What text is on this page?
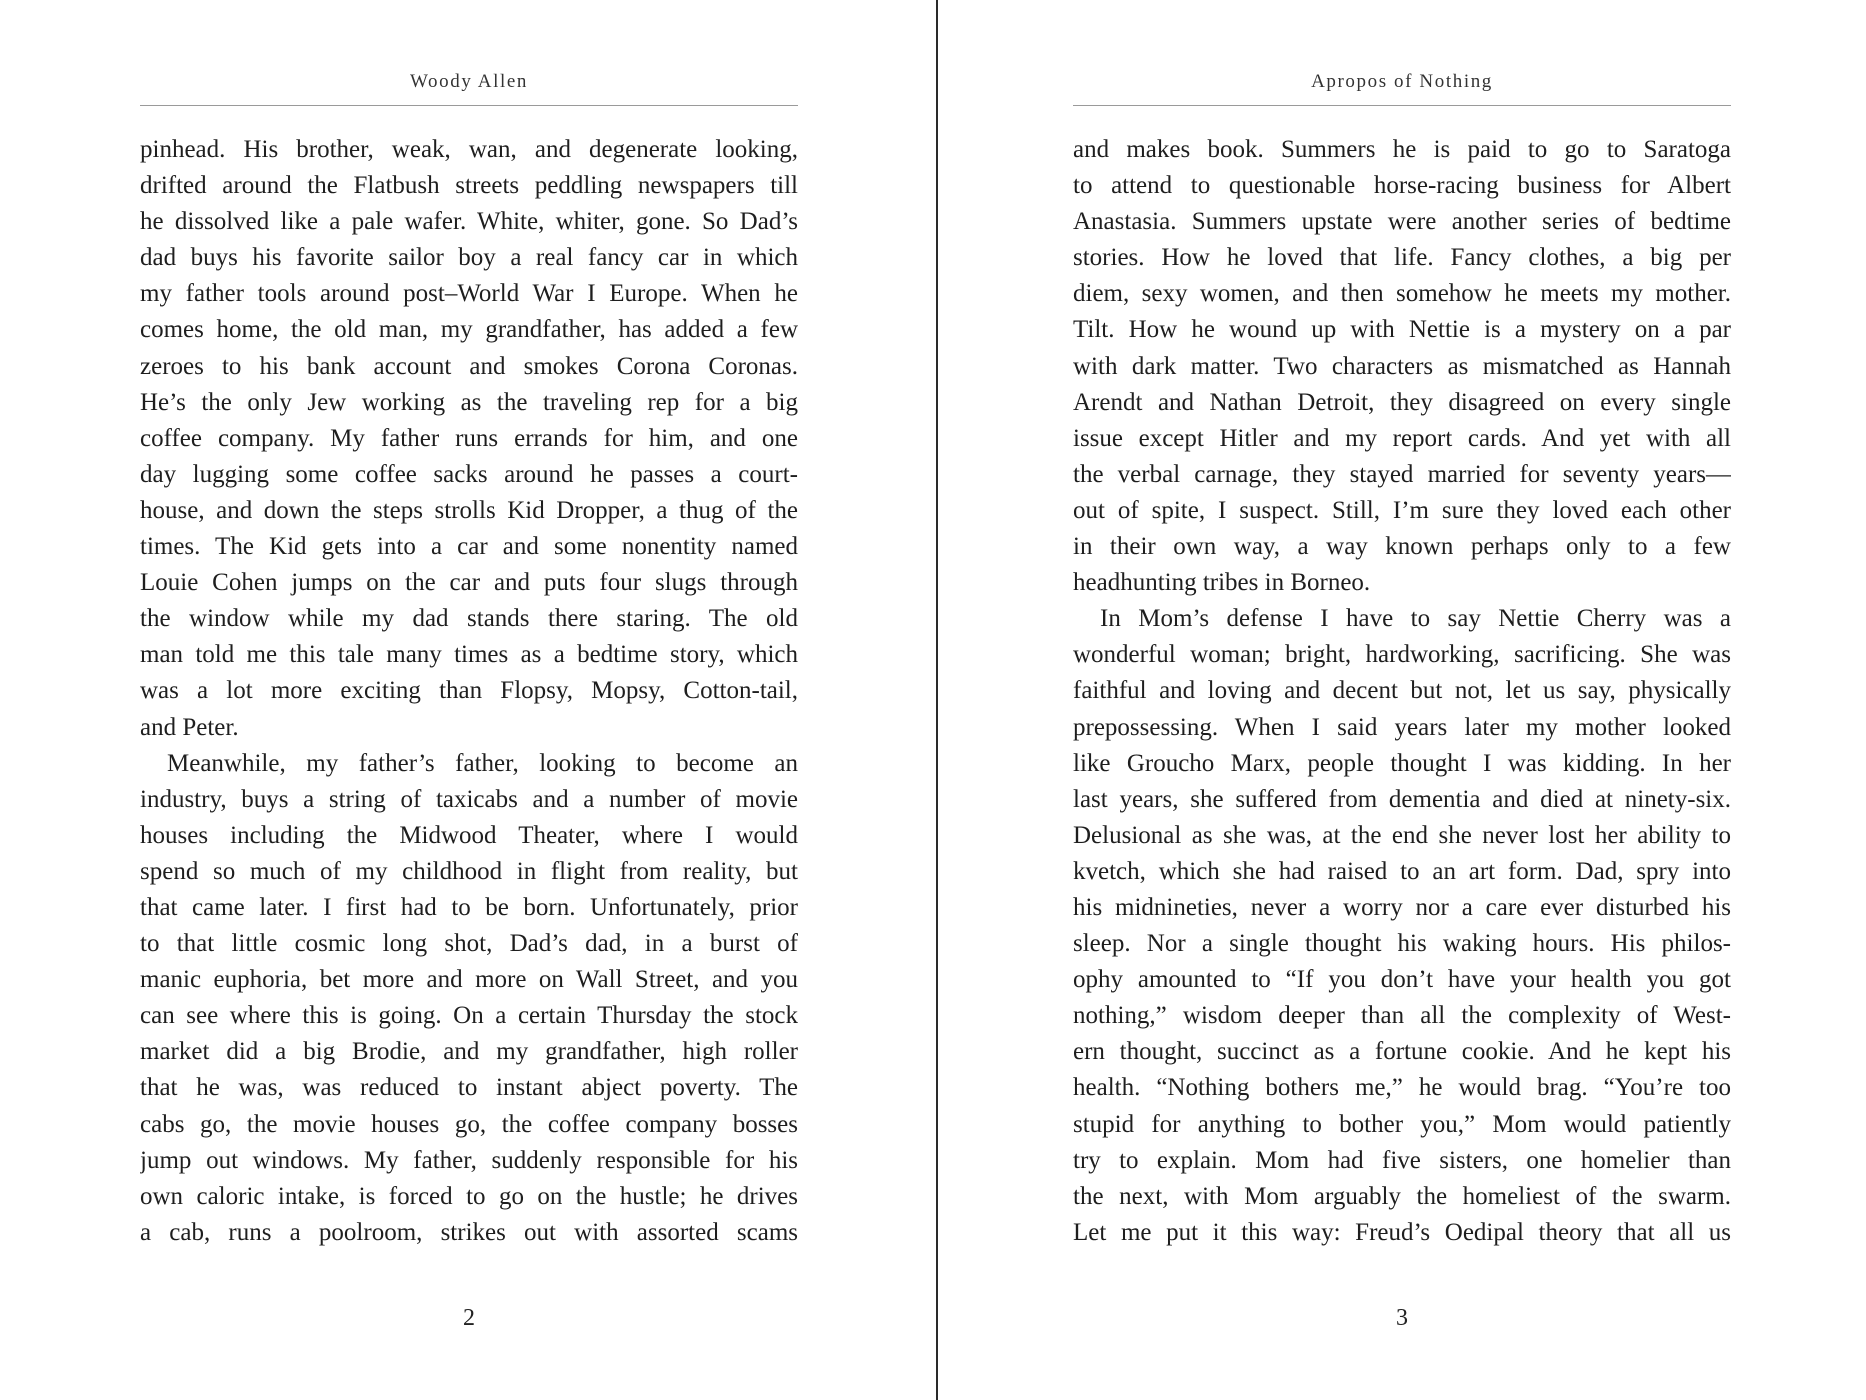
Woody Allen
pinhead. His brother, weak, wan, and degenerate looking,
drifted around the Flatbush streets peddling newspapers till
he dissolved like a pale wafer. White, whiter, gone. So Dad’s
dad buys his favorite sailor boy a real fancy car in which
my father tools around post–World War I Europe. When he
comes home, the old man, my grandfather, has added a few
zeroes to his bank account and smokes Corona Coronas.
He’s the only Jew working as the traveling rep for a big
coffee company. My father runs errands for him, and one
day lugging some coffee sacks around he passes a court-
house, and down the steps strolls Kid Dropper, a thug of the
times. The Kid gets into a car and some nonentity named
Louie Cohen jumps on the car and puts four slugs through
the window while my dad stands there staring. The old
man told me this tale many times as a bedtime story, which
was a lot more exciting than Flopsy, Mopsy, Cotton-tail,
and Peter.
Meanwhile, my father’s father, looking to become an
industry, buys a string of taxicabs and a number of movie
houses including the Midwood Theater, where I would
spend so much of my childhood in flight from reality, but
that came later. I first had to be born. Unfortunately, prior
to that little cosmic long shot, Dad’s dad, in a burst of
manic euphoria, bet more and more on Wall Street, and you
can see where this is going. On a certain Thursday the stock
market did a big Brodie, and my grandfather, high roller
that he was, was reduced to instant abject poverty. The
cabs go, the movie houses go, the coffee company bosses
jump out windows. My father, suddenly responsible for his
own caloric intake, is forced to go on the hustle; he drives
a cab, runs a poolroom, strikes out with assorted scams
2
Apropos of Nothing
and makes book. Summers he is paid to go to Saratoga
to attend to questionable horse-racing business for Albert
Anastasia. Summers upstate were another series of bedtime
stories. How he loved that life. Fancy clothes, a big per
diem, sexy women, and then somehow he meets my mother.
Tilt. How he wound up with Nettie is a mystery on a par
with dark matter. Two characters as mismatched as Hannah
Arendt and Nathan Detroit, they disagreed on every single
issue except Hitler and my report cards. And yet with all
the verbal carnage, they stayed married for seventy years—
out of spite, I suspect. Still, I’m sure they loved each other
in their own way, a way known perhaps only to a few
headhunting tribes in Borneo.
In Mom’s defense I have to say Nettie Cherry was a
wonderful woman; bright, hardworking, sacrificing. She was
faithful and loving and decent but not, let us say, physically
prepossessing. When I said years later my mother looked
like Groucho Marx, people thought I was kidding. In her
last years, she suffered from dementia and died at ninety-six.
Delusional as she was, at the end she never lost her ability to
kvetch, which she had raised to an art form. Dad, spry into
his midnineties, never a worry nor a care ever disturbed his
sleep. Nor a single thought his waking hours. His philos-
ophy amounted to “If you don’t have your health you got
nothing,” wisdom deeper than all the complexity of West-
ern thought, succinct as a fortune cookie. And he kept his
health. “Nothing bothers me,” he would brag. “You’re too
stupid for anything to bother you,” Mom would patiently
try to explain. Mom had five sisters, one homelier than
the next, with Mom arguably the homeliest of the swarm.
Let me put it this way: Freud’s Oedipal theory that all us
3
